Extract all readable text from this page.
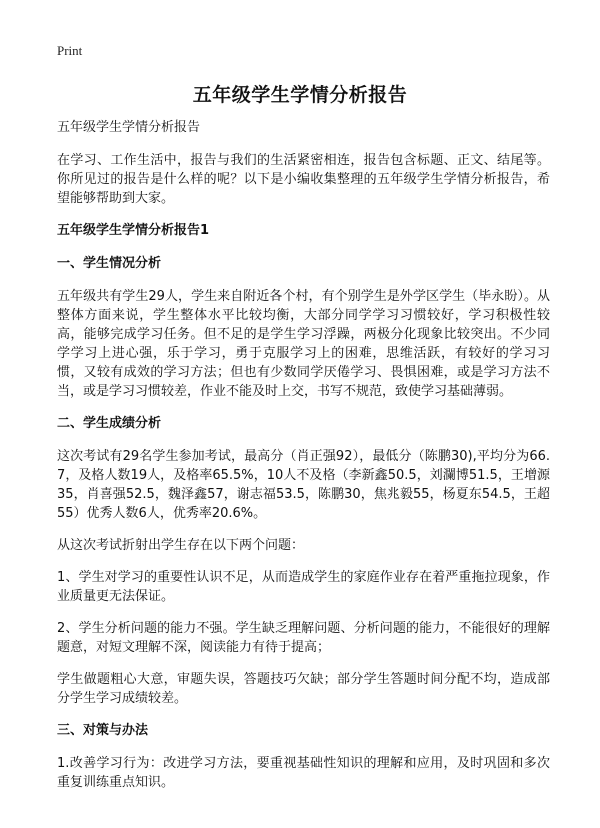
Print
五年级学生学情分析报告
五年级学生学情分析报告

在学习、工作生活中，报告与我们的生活紧密相连，报告包含标题、正文、结尾等。你所见过的报告是什么样的呢？以下是小编收集整理的五年级学生学情分析报告，希望能够帮助到大家。

五年级学生学情分析报告1
一、学生情况分析

五年级共有学生29人，学生来自附近各个村，有个别学生是外学区学生（毕永盼）。从整体方面来说，学生整体水平比较均衡，大部分同学学习习惯较好，学习积极性较高，能够完成学习任务。但不足的是学生学习浮躁，两极分化现象比较突出。不少同学学习上进心强，乐于学习，勇于克服学习上的困难，思维活跃，有较好的学习习惯，又较有成效的学习方法；但也有少数同学厌倦学习、畏惧困难，或是学习方法不当，或是学习习惯较差，作业不能及时上交，书写不规范，致使学习基础薄弱。

二、学生成绩分析

这次考试有29名学生参加考试，最高分（肖正强92），最低分（陈鹏30),平均分为66.7，及格人数19人，及格率65.5%，10人不及格（李新鑫50.5，刘瀾博51.5，王增源35，肖喜强52.5，魏泽鑫57，谢志福53.5，陈鹏30，焦兆毅55，杨夏东54.5，王超55）优秀人数6人，优秀率20.6%。

从这次考试折射出学生存在以下两个问题：

1、学生对学习的重要性认识不足，从而造成学生的家庭作业存在着严重拖拉现象，作业质量更无法保证。

2、学生分析问题的能力不强。学生缺乏理解问题、分析问题的能力，不能很好的理解题意，对短文理解不深，阅读能力有待于提高；

学生做题粗心大意，审题失误，答题技巧欠缺；部分学生答题时间分配不均，造成部分学生学习成绩较差。

三、对策与办法

1.改善学习行为：改进学习方法，要重视基础性知识的理解和应用，及时巩固和多次重复训练重点知识。
